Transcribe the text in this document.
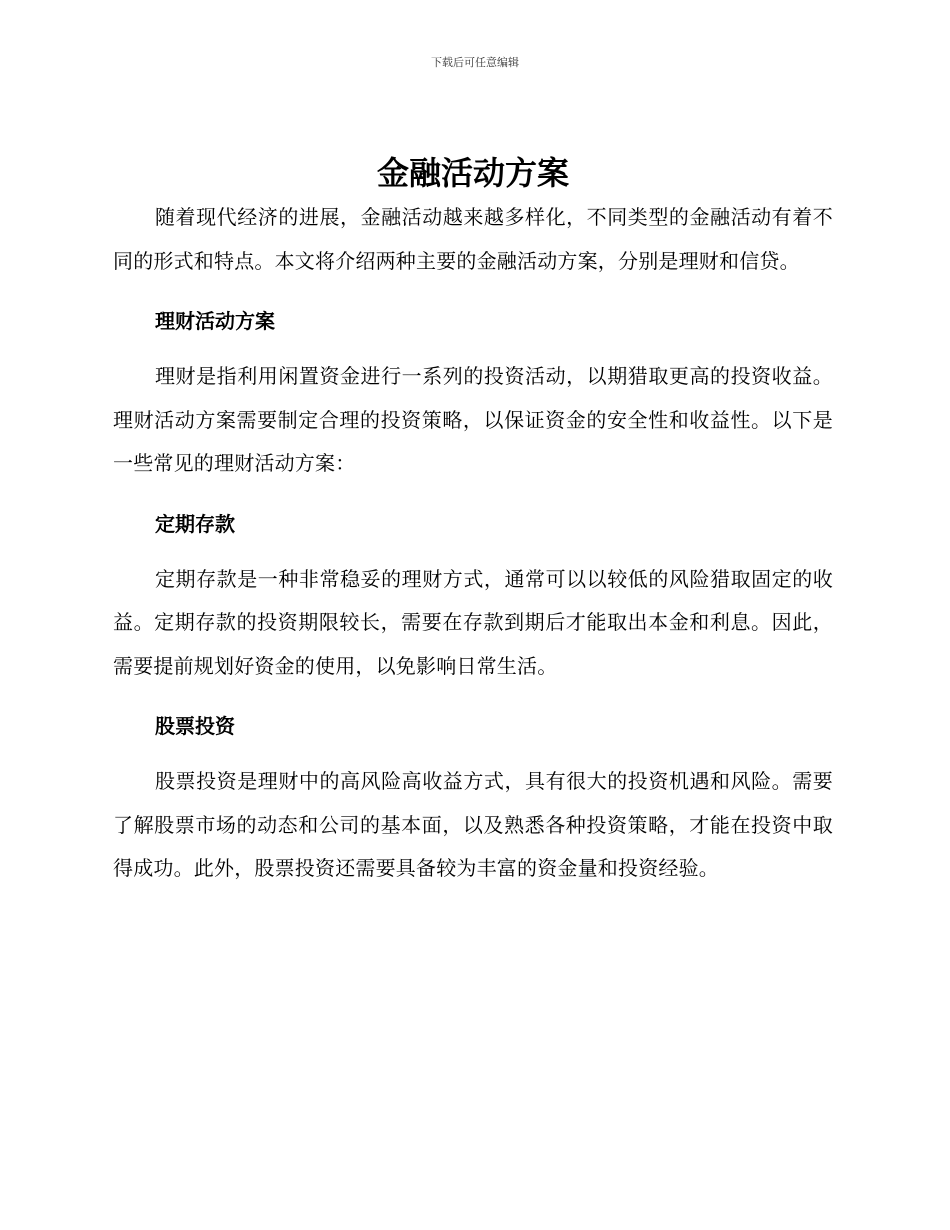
下载后可任意编辑
金融活动方案

随着现代经济的进展，金融活动越来越多样化，不同类型的金融活动有着不同的形式和特点。本文将介绍两种主要的金融活动方案，分别是理财和信贷。

理财活动方案

理财是指利用闲置资金进行一系列的投资活动，以期猎取更高的投资收益。理财活动方案需要制定合理的投资策略，以保证资金的安全性和收益性。以下是一些常见的理财活动方案：

定期存款

定期存款是一种非常稳妥的理财方式，通常可以以较低的风险猎取固定的收益。定期存款的投资期限较长，需要在存款到期后才能取出本金和利息。因此，需要提前规划好资金的使用，以免影响日常生活。

股票投资

股票投资是理财中的高风险高收益方式，具有很大的投资机遇和风险。需要了解股票市场的动态和公司的基本面，以及熟悉各种投资策略，才能在投资中取得成功。此外，股票投资还需要具备较为丰富的资金量和投资经验。
